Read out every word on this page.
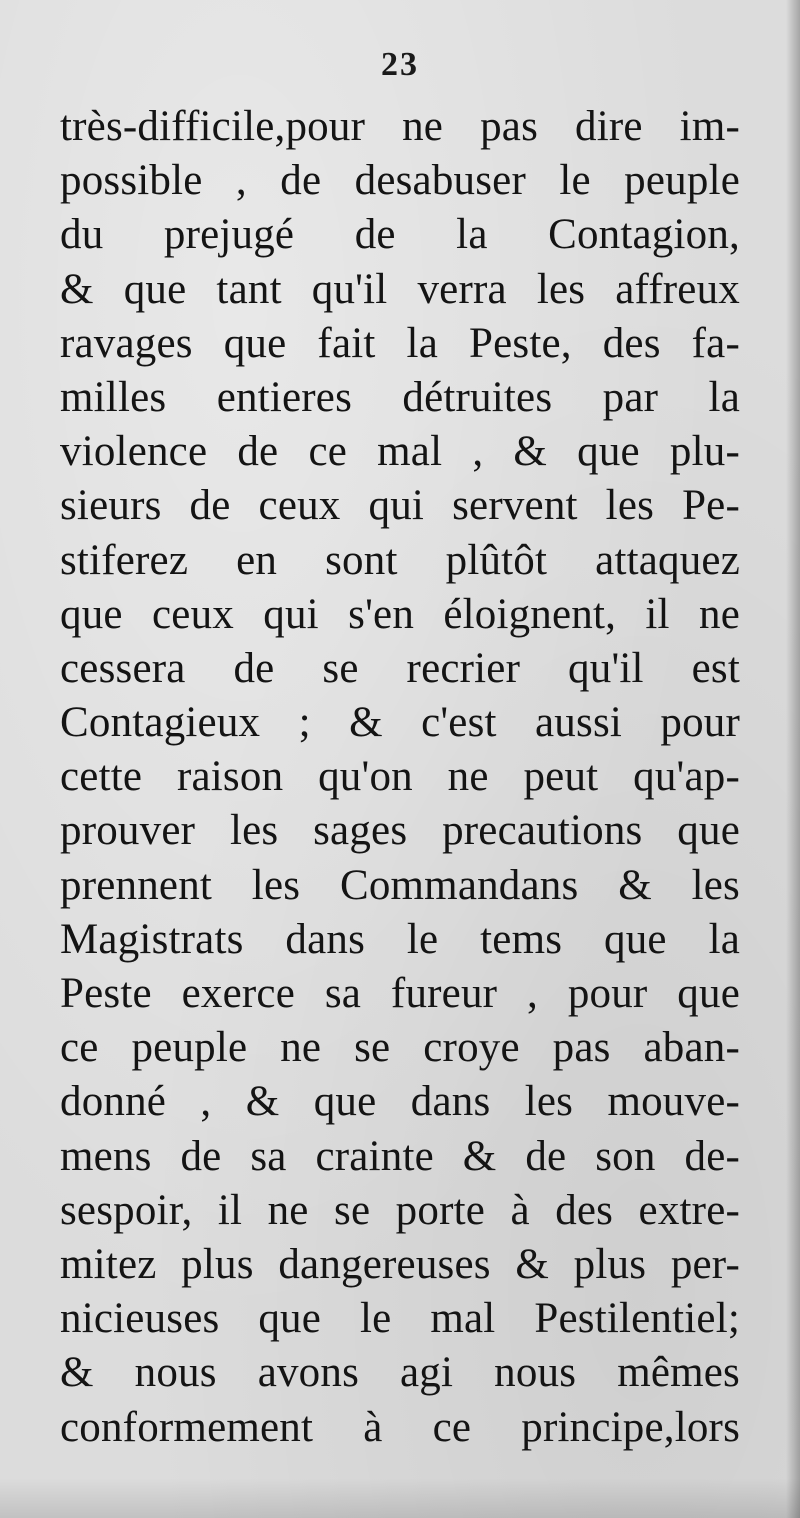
23
très-difficile,pour ne pas dire im-
possible , de desabuser le peuple
du prejugé de la Contagion,
& que tant qu'il verra les affreux
ravages que fait la Peste, des fa-
milles entieres détruites par la
violence de ce mal , & que plu-
sieurs de ceux qui servent les Pe-
stiferez en sont plûtôt attaquez
que ceux qui s'en éloignent, il ne
cessera de se recrier qu'il est
Contagieux ; & c'est aussi pour
cette raison qu'on ne peut qu'ap-
prouver les sages precautions que
prennent les Commandans & les
Magistrats dans le tems que la
Peste exerce sa fureur , pour que
ce peuple ne se croye pas aban-
donné , & que dans les mouve-
mens de sa crainte & de son de-
sespoir, il ne se porte à des extre-
mitez plus dangereuses & plus per-
nicieuses que le mal Pestilentiel;
& nous avons agi nous mêmes
conformement à ce principe,lors
